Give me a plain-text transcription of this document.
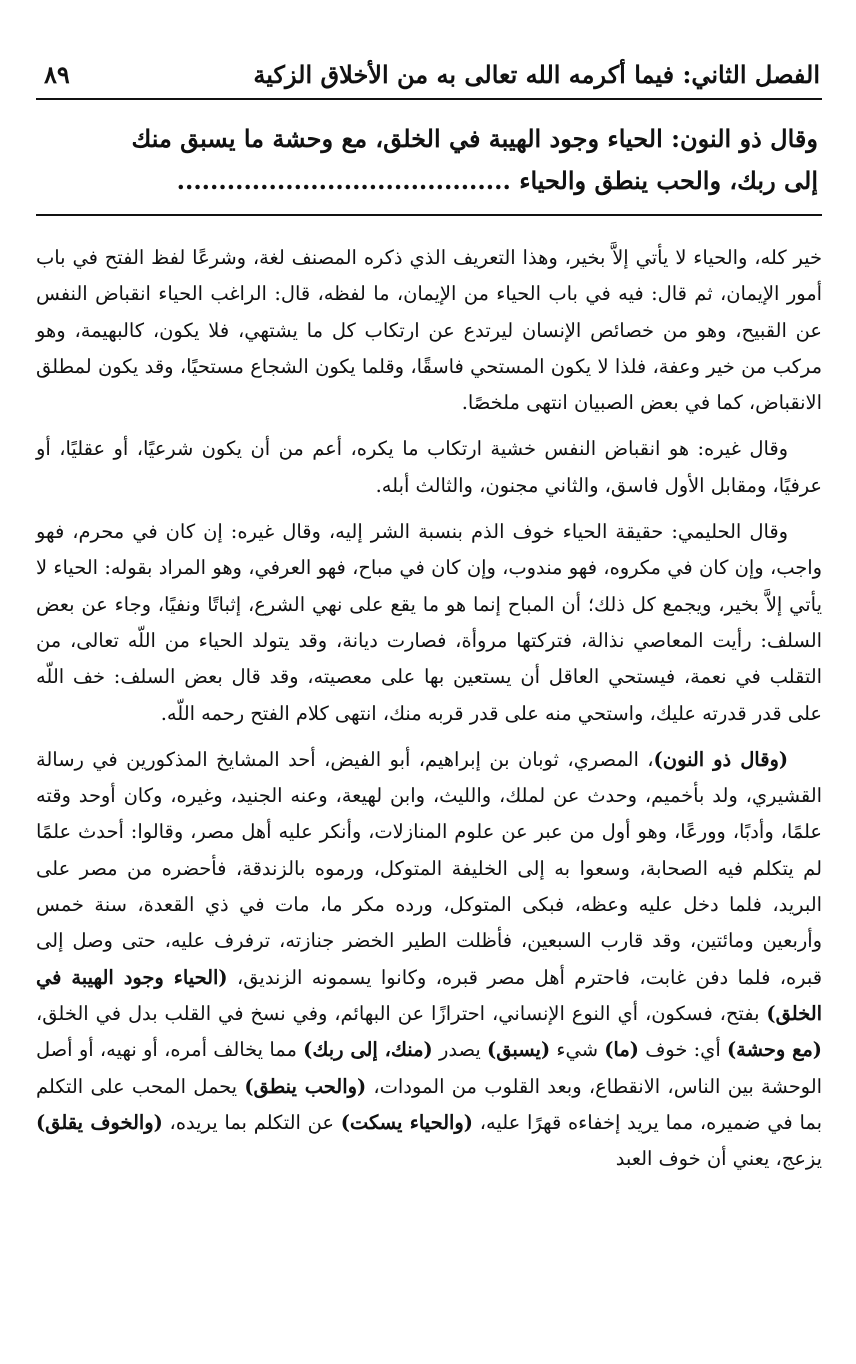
الفصل الثاني: فيما أكرمه الله تعالى به من الأخلاق الزكية
٨٩

وقال ذو النون: الحياء وجود الهيبة في الخلق، مع وحشة ما يسبق منك

إلى ربك، والحب ينطق والحياء ........................................

خير كله، والحياء لا يأتي إلاَّ بخير، وهذا التعريف الذي ذكره المصنف لغة، وشرعًا لفظ الفتح في باب أمور الإيمان، ثم قال: فيه في باب الحياء من الإيمان، ما لفظه، قال: الراغب الحياء انقباض النفس عن القبيح، وهو من خصائص الإنسان ليرتدع عن ارتكاب كل ما يشتهي، فلا يكون، كالبهيمة، وهو مركب من خير وعفة، فلذا لا يكون المستحي فاسقًا، وقلما يكون الشجاع مستحيًا، وقد يكون لمطلق الانقباض، كما في بعض الصبيان انتهى ملخصًا.

وقال غيره: هو انقباض النفس خشية ارتكاب ما يكره، أعم من أن يكون شرعيًا، أو عقليًا، أو عرفيًا، ومقابل الأول فاسق، والثاني مجنون، والثالث أبله.

وقال الحليمي: حقيقة الحياء خوف الذم بنسبة الشر إليه، وقال غيره: إن كان في محرم، فهو واجب، وإن كان في مكروه، فهو مندوب، وإن كان في مباح، فهو العرفي، وهو المراد بقوله: الحياء لا يأتي إلاَّ بخير، ويجمع كل ذلك؛ أن المباح إنما هو ما يقع على نهي الشرع، إثباتًا ونفيًا، وجاء عن بعض السلف: رأيت المعاصي نذالة، فتركتها مروأة، فصارت ديانة، وقد يتولد الحياء من اللّه تعالى، من التقلب في نعمة، فيستحي العاقل أن يستعين بها على معصيته، وقد قال بعض السلف: خف اللّه على قدر قدرته عليك، واستحي منه على قدر قربه منك، انتهى كلام الفتح رحمه اللّه.

(وقال ذو النون)، المصري، ثوبان بن إبراهيم، أبو الفيض، أحد المشايخ المذكورين في رسالة القشيري، ولد بأخميم، وحدث عن لملك، والليث، وابن لهيعة، وعنه الجنيد، وغيره، وكان أوحد وقته علمًا، وأدبًا، وورعًا، وهو أول من عبر عن علوم المنازلات، وأنكر عليه أهل مصر، وقالوا: أحدث علمًا لم يتكلم فيه الصحابة، وسعوا به إلى الخليفة المتوكل، ورموه بالزندقة، فأحضره من مصر على البريد، فلما دخل عليه وعظه، فبكى المتوكل، ورده مكر ما، مات في ذي القعدة، سنة خمس وأربعين ومائتين، وقد قارب السبعين، فأظلت الطير الخضر جنازته، ترفرف عليه، حتى وصل إلى قبره، فلما دفن غابت، فاحترم أهل مصر قبره، وكانوا يسمونه الزنديق، (الحياء وجود الهيبة في الخلق) بفتح، فسكون، أي النوع الإنساني، احترازًا عن البهائم، وفي نسخ في القلب بدل في الخلق، (مع وحشة) أي: خوف (ما) شيء (يسبق) يصدر (منك، إلى ربك) مما يخالف أمره، أو نهيه، أو أصل الوحشة بين الناس، الانقطاع، وبعد القلوب من المودات، (والحب ينطق) يحمل المحب على التكلم بما في ضميره، مما يريد إخفاءه قهرًا عليه، (والحياء يسكت) عن التكلم بما يريده، (والخوف يقلق) يزعج، يعني أن خوف العبد
